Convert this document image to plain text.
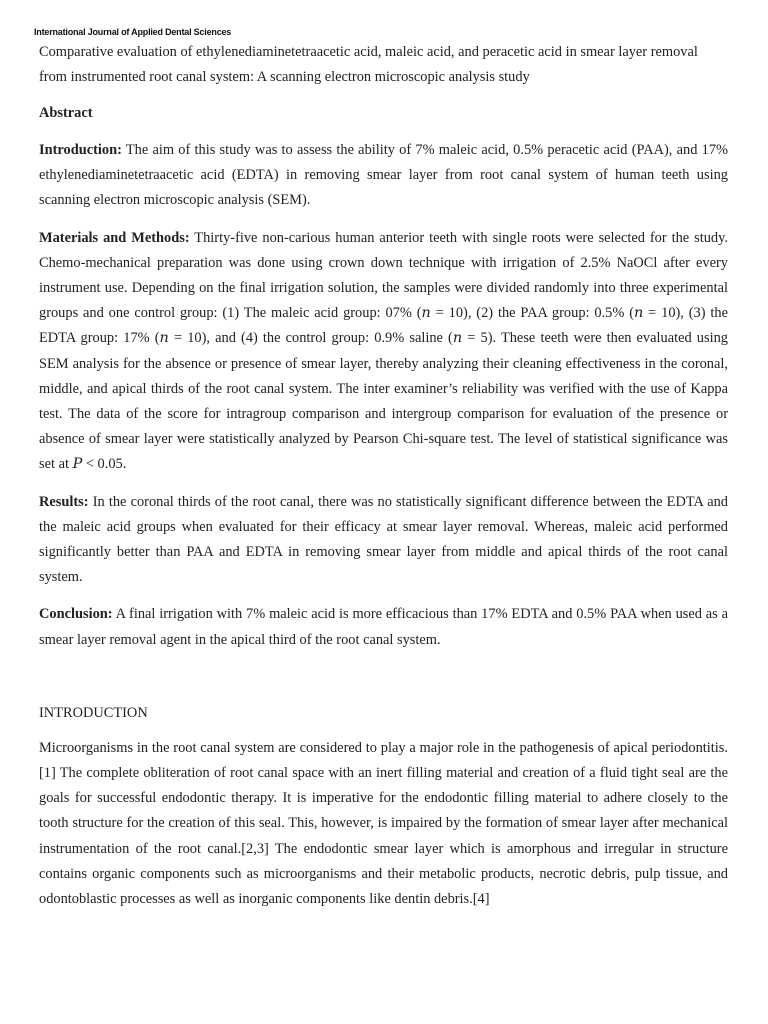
International Journal of Applied Dental Sciences

Comparative evaluation of ethylenediaminetetraacetic acid, maleic acid, and peracetic acid in smear layer removal from instrumented root canal system: A scanning electron microscopic analysis study

Abstract

Introduction: The aim of this study was to assess the ability of 7% maleic acid, 0.5% peracetic acid (PAA), and 17% ethylenediaminetetraacetic acid (EDTA) in removing smear layer from root canal system of human teeth using scanning electron microscopic analysis (SEM).

Materials and Methods: Thirty-five non-carious human anterior teeth with single roots were selected for the study. Chemo-mechanical preparation was done using crown down technique with irrigation of 2.5% NaOCl after every instrument use. Depending on the final irrigation solution, the samples were divided randomly into three experimental groups and one control group: (1) The maleic acid group: 07% (𝑛 = 10), (2) the PAA group: 0.5% (𝑛 = 10), (3) the EDTA group: 17% (𝑛 = 10), and (4) the control group: 0.9% saline (𝑛 = 5). These teeth were then evaluated using SEM analysis for the absence or presence of smear layer, thereby analyzing their cleaning effectiveness in the coronal, middle, and apical thirds of the root canal system. The inter examiner’s reliability was verified with the use of Kappa test. The data of the score for intragroup comparison and intergroup comparison for evaluation of the presence or absence of smear layer were statistically analyzed by Pearson Chi-square test. The level of statistical significance was set at 𝑃 < 0.05.

Results: In the coronal thirds of the root canal, there was no statistically significant difference between the EDTA and the maleic acid groups when evaluated for their efficacy at smear layer removal. Whereas, maleic acid performed significantly better than PAA and EDTA in removing smear layer from middle and apical thirds of the root canal system.

Conclusion: A final irrigation with 7% maleic acid is more efficacious than 17% EDTA and 0.5% PAA when used as a smear layer removal agent in the apical third of the root canal system.

INTRODUCTION

Microorganisms in the root canal system are considered to play a major role in the pathogenesis of apical periodontitis.[1] The complete obliteration of root canal space with an inert filling material and creation of a fluid tight seal are the goals for successful endodontic therapy. It is imperative for the endodontic filling material to adhere closely to the tooth structure for the creation of this seal. This, however, is impaired by the formation of smear layer after mechanical instrumentation of the root canal.[2,3] The endodontic smear layer which is amorphous and irregular in structure contains organic components such as microorganisms and their metabolic products, necrotic debris, pulp tissue, and odontoblastic processes as well as inorganic components like dentin debris.[4]
